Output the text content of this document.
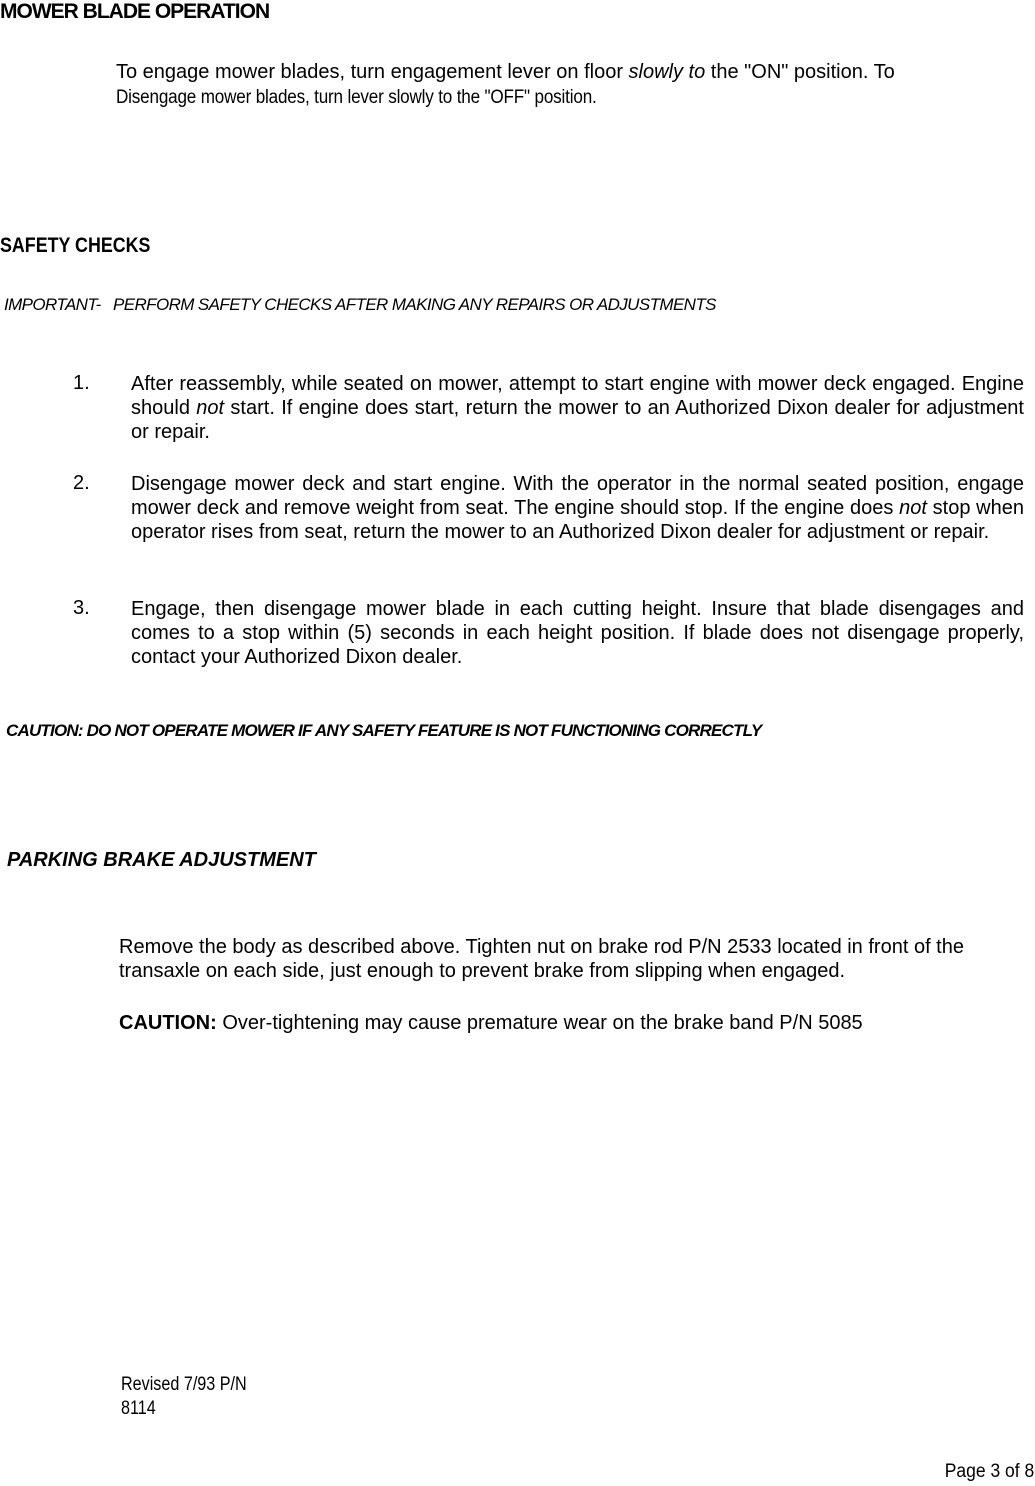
MOWER BLADE OPERATION
To engage mower blades, turn engagement lever on floor slowly to the "ON" position. To
Disengage mower blades, turn lever slowly to the "OFF" position.
SAFETY CHECKS
IMPORTANT-   PERFORM SAFETY CHECKS AFTER MAKING ANY REPAIRS OR ADJUSTMENTS
1. After reassembly, while seated on mower, attempt to start engine with mower deck engaged. Engine should not start. If engine does start, return the mower to an Authorized Dixon dealer for adjustment or repair.
2. Disengage mower deck and start engine. With the operator in the normal seated position, engage mower deck and remove weight from seat. The engine should stop. If the engine does not stop when operator rises from seat, return the mower to an Authorized Dixon dealer for adjustment or repair.
3. Engage, then disengage mower blade in each cutting height. Insure that blade disengages and comes to a stop within (5) seconds in each height position. If blade does not disengage properly, contact your Authorized Dixon dealer.
CAUTION: DO NOT OPERATE MOWER IF ANY SAFETY FEATURE IS NOT FUNCTIONING CORRECTLY
PARKING BRAKE ADJUSTMENT
Remove the body as described above. Tighten nut on brake rod P/N 2533 located in front of the transaxle on each side, just enough to prevent brake from slipping when engaged.
CAUTION: Over-tightening may cause premature wear on the brake band P/N 5085
Revised 7/93 P/N
8114
Page 3 of 8
